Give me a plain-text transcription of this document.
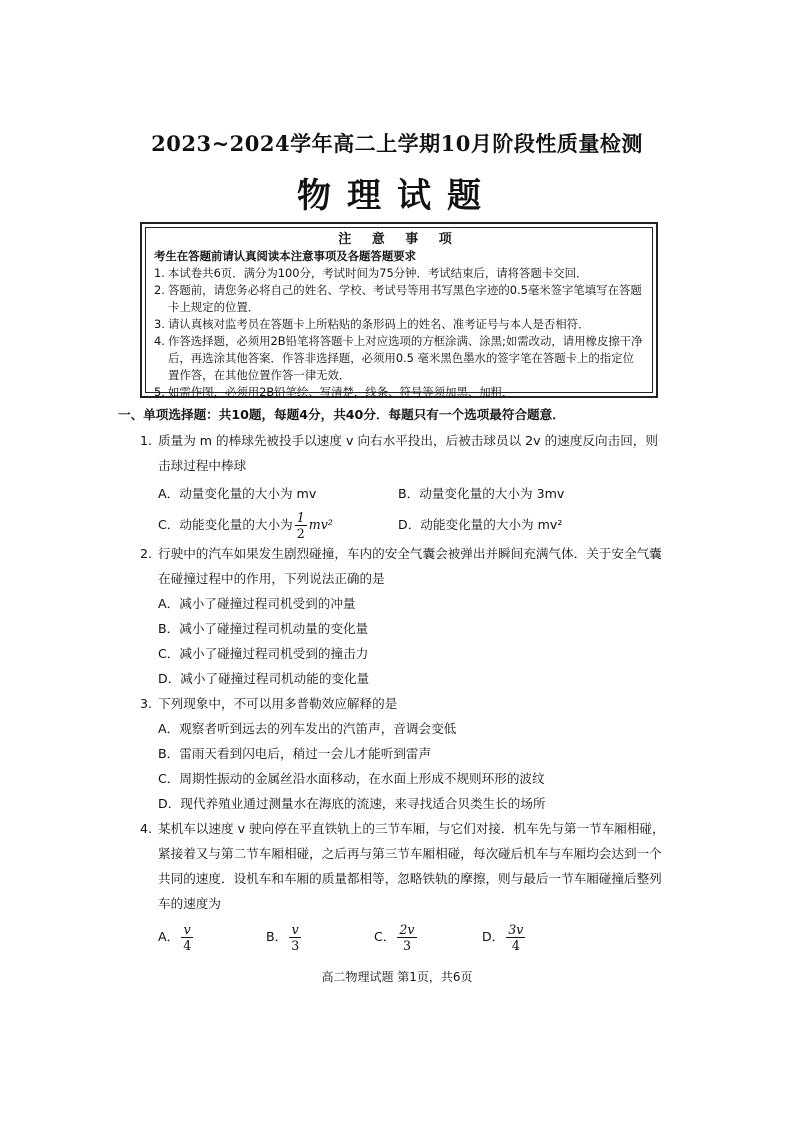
2023~2024学年高二上学期10月阶段性质量检测
物理试题
注 意 事 项
考生在答题前请认真阅读本注意事项及各题答题要求
1. 本试卷共6页．满分为100分，考试时间为75分钟．考试结束后，请将答题卡交回．
2. 答题前，请您务必将自己的姓名、学校、考试号等用书写黑色字迹的0.5毫米签字笔填写在答题卡上规定的位置．
3. 请认真核对监考员在答题卡上所粘贴的条形码上的姓名、准考证号与本人是否相符．
4. 作答选择题，必须用2B铅笔将答题卡上对应选项的方框涂满、涂黑;如需改动，请用橡皮擦干净后，再选涂其他答案．作答非选择题，必须用0.5 毫米黑色墨水的签字笔在答题卡上的指定位置作答，在其他位置作答一律无效．
5. 如需作图，必须用2B铅笔绘、写清楚，线条、符号等须加黑、加粗．
一、单项选择题：共10题，每题4分，共40分．每题只有一个选项最符合题意．
1. 质量为 m 的棒球先被投手以速度 v 向右水平投出，后被击球员以 2v 的速度反向击回，则击球过程中棒球
A．动量变化量的大小为 mv	B．动量变化量的大小为 3mv
C．动能变化量的大小为 $\frac{1}{2} mv^2$	D．动能变化量的大小为 mv²
2. 行驶中的汽车如果发生剧烈碰撞，车内的安全气囊会被弹出并瞬间充满气体．关于安全气囊在碰撞过程中的作用，下列说法正确的是
A．减小了碰撞过程司机受到的冲量
B．减小了碰撞过程司机动量的变化量
C．减小了碰撞过程司机受到的撞击力
D．减小了碰撞过程司机动能的变化量
3. 下列现象中，不可以用多普勒效应解释的是
A．观察者听到远去的列车发出的汽笛声，音调会变低
B．雷雨天看到闪电后，稍过一会儿才能听到雷声
C．周期性振动的金属丝沿水面移动，在水面上形成不规则环形的波纹
D．现代养殖业通过测量水在海底的流速，来寻找适合贝类生长的场所
4. 某机车以速度 v 驶向停在平直铁轨上的三节车厢，与它们对接．机车先与第一节车厢相碰，紧接着又与第二节车厢相碰，之后再与第三节车厢相碰，每次碰后机车与车厢均会达到一个共同的速度．设机车和车厢的质量都相等，忽略铁轨的摩擦，则与最后一节车厢碰撞后整列车的速度为
A． $\frac{v}{4}$	B． $\frac{v}{3}$	C． $\frac{2v}{3}$	D． $\frac{3v}{4}$
高二物理试题 第1页，共6页
